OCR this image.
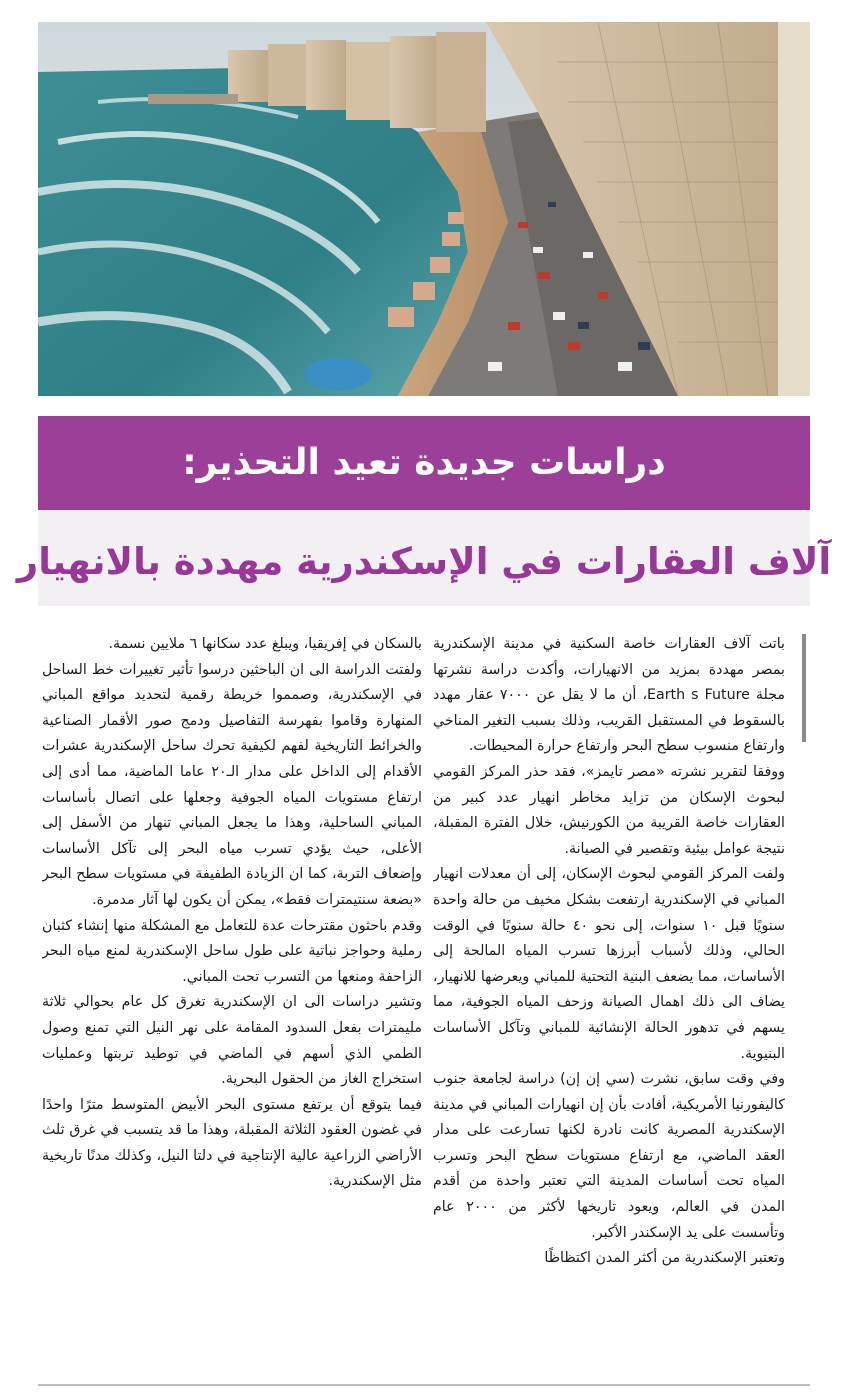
دراسات جديدة تعيد التحذير:
آلاف العقارات في الإسكندرية مهددة بالانهيار

باتت آلاف العقارات خاصة السكنية في مدينة الإسكندرية بمصر مهددة بمزيد من الانهيارات، وأكدت دراسة نشرتها مجلة Earth s Future، أن ما لا يقل عن ٧٠٠٠ عقار مهدد بالسقوط في المستقبل القريب، وذلك بسبب التغير المناخي وارتفاع منسوب سطح البحر وارتفاع حرارة المحيطات.

ووفقا لتقرير نشرته «مصر تايمز»، فقد حذر المركز القومي لبحوث الإسكان من تزايد مخاطر انهيار عدد كبير من العقارات خاصة القريبة من الكورنيش، خلال الفترة المقبلة، نتيجة عوامل بيئية وتقصير في الصيانة.

ولفت المركز القومي لبحوث الإسكان، إلى أن معدلات انهيار المباني في الإسكندرية ارتفعت بشكل مخيف من حالة واحدة سنويًا قبل ١٠ سنوات، إلى نحو ٤٠ حالة سنويًا في الوقت الحالي، وذلك لأسباب أبرزها تسرب المياه المالحة إلى الأساسات، مما يضعف البنية التحتية للمباني ويعرضها للانهيار، يضاف الى ذلك اهمال الصيانة وزحف المياه الجوفية، مما يسهم في تدهور الحالة الإنشائية للمباني وتآكل الأساسات البنيوية.

وفي وقت سابق، نشرت (سي إن إن) دراسة لجامعة جنوب كاليفورنيا الأمريكية، أفادت بأن إن انهيارات المباني في مدينة الإسكندرية المصرية كانت نادرة لكنها تسارعت على مدار العقد الماضي، مع ارتفاع مستويات سطح البحر وتسرب المياه تحت أساسات المدينة التي تعتبر واحدة من أقدم المدن في العالم، ويعود تاريخها لأكثر من ٢٠٠٠ عام وتأسست على يد الإسكندر الأكبر.

وتعتبر الإسكندرية من أكثر المدن اكتظاظًا

بالسكان في إفريقيا، ويبلغ عدد سكانها ٦ ملايين نسمة.

ولفتت الدراسة الى ان الباحثين درسوا تأثير تغييرات خط الساحل في الإسكندرية، وصمموا خريطة رقمية لتحديد مواقع المباني المنهارة وقاموا بفهرسة التفاصيل ودمج صور الأقمار الصناعية والخرائط التاريخية لفهم لكيفية تحرك ساحل الإسكندرية عشرات الأقدام إلى الداخل على مدار الـ٢٠ عاما الماضية، مما أدى إلى ارتفاع مستويات المياه الجوفية وجعلها على اتصال بأساسات المباني الساحلية، وهذا ما يجعل المباني تنهار من الأسفل إلى الأعلى، حيث يؤدي تسرب مياه البحر إلى تآكل الأساسات وإضعاف التربة، كما ان الزيادة الطفيفة في مستويات سطح البحر «بضعة سنتيمترات فقط»، يمكن أن يكون لها آثار مدمرة.

وقدم باحثون مقترحات عدة للتعامل مع المشكلة منها إنشاء كثبان رملية وحواجز نباتية على طول ساحل الإسكندرية لمنع مياه البحر الزاحفة ومنعها من التسرب تحت المباني.

وتشير دراسات الى ان الإسكندرية تغرق كل عام بحوالي ثلاثة مليمترات بفعل السدود المقامة على نهر النيل التي تمنع وصول الطمي الذي أسهم في الماضي في توطيد تربتها وعمليات استخراج الغاز من الحقول البحرية.

فيما يتوقع أن يرتفع مستوى البحر الأبيض المتوسط مترًا واحدًا في غضون العقود الثلاثة المقبلة، وهذا ما قد يتسبب في غرق ثلث الأراضي الزراعية عالية الإنتاجية في دلتا النيل، وكذلك مدنًا تاريخية مثل الإسكندرية.
